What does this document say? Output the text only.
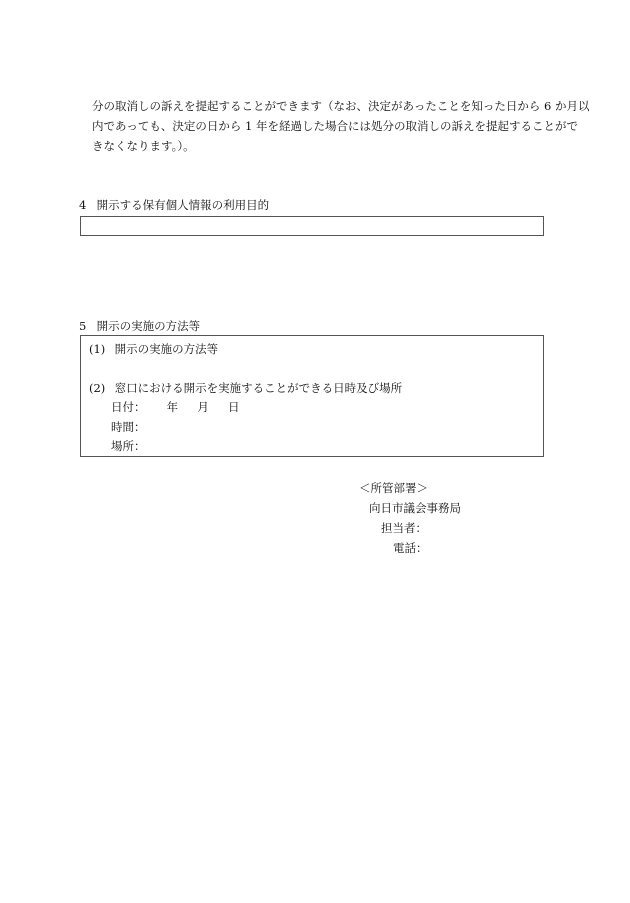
分の取消しの訴えを提起することができます（なお、決定があったことを知った日から 6 か月以
内であっても、決定の日から 1 年を経過した場合には処分の取消しの訴えを提起することがで
きなくなります。）。
4 開示する保有個人情報の利用目的
5 開示の実施の方法等
(1) 開示の実施の方法等
(2) 窓口における開示を実施することができる日時及び場所
日付： 年 月 日
時間：
場所：
＜所管部署＞
向日市議会事務局
担当者：
電話：
